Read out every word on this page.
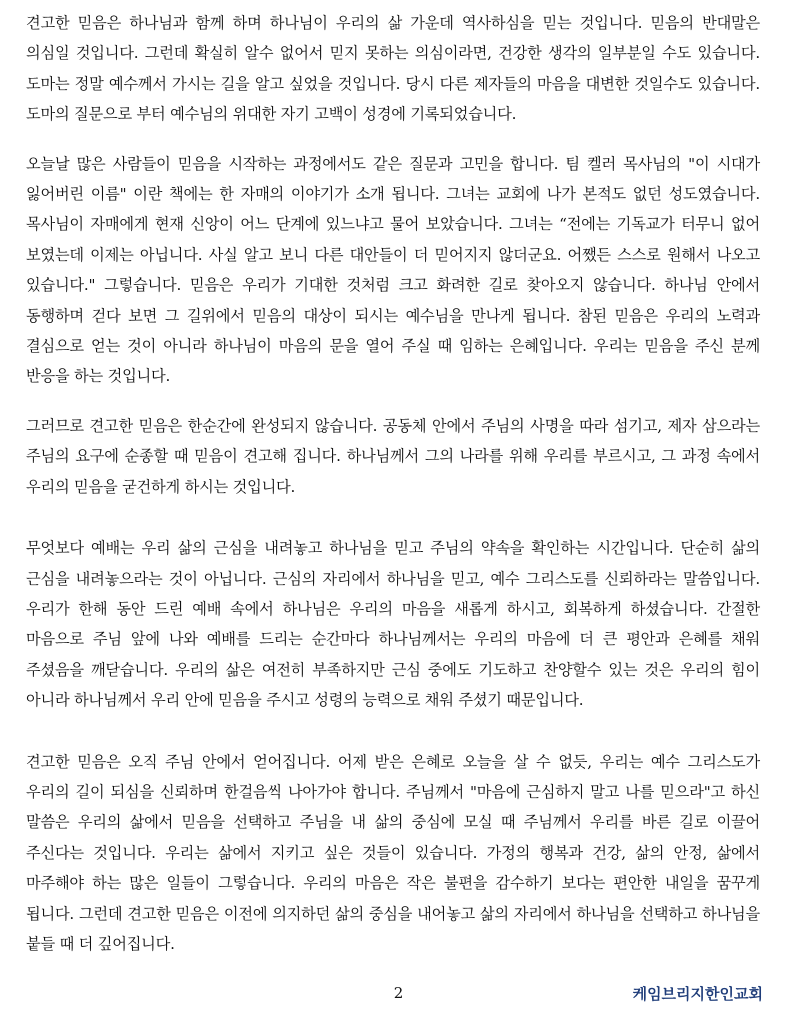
견고한 믿음은 하나님과 함께 하며 하나님이 우리의 삶 가운데 역사하심을 믿는 것입니다. 믿음의 반대말은 의심일 것입니다. 그런데 확실히 알수 없어서 믿지 못하는 의심이라면, 건강한 생각의 일부분일 수도 있습니다. 도마는 정말 예수께서 가시는 길을 알고 싶었을 것입니다. 당시 다른 제자들의 마음을 대변한 것일수도 있습니다. 도마의 질문으로 부터 예수님의 위대한 자기 고백이 성경에 기록되었습니다.

오늘날 많은 사람들이 믿음을 시작하는 과정에서도 같은 질문과 고민을 합니다. 팀 켈러 목사님의 "이 시대가 잃어버린 이름" 이란 책에는 한 자매의 이야기가 소개 됩니다. 그녀는 교회에 나가 본적도 없던 성도였습니다. 목사님이 자매에게 현재 신앙이 어느 단계에 있느냐고 물어 보았습니다. 그녀는 “전에는 기독교가 터무니 없어 보였는데 이제는 아닙니다. 사실 알고 보니 다른 대안들이 더 믿어지지 않더군요. 어쨌든 스스로 원해서 나오고 있습니다." 그렇습니다. 믿음은 우리가 기대한 것처럼 크고 화려한 길로 찾아오지 않습니다. 하나님 안에서 동행하며 걷다 보면 그 길위에서 믿음의 대상이 되시는 예수님을 만나게 됩니다. 참된 믿음은 우리의 노력과 결심으로 얻는 것이 아니라 하나님이 마음의 문을 열어 주실 때 임하는 은혜입니다. 우리는 믿음을 주신 분께 반응을 하는 것입니다.

그러므로 견고한 믿음은 한순간에 완성되지 않습니다. 공동체 안에서 주님의 사명을 따라 섬기고, 제자 삼으라는 주님의 요구에 순종할 때 믿음이 견고해 집니다. 하나님께서 그의 나라를 위해 우리를 부르시고, 그 과정 속에서 우리의 믿음을 굳건하게 하시는 것입니다.

무엇보다 예배는 우리 삶의 근심을 내려놓고 하나님을 믿고 주님의 약속을 확인하는 시간입니다. 단순히 삶의 근심을 내려놓으라는 것이 아닙니다. 근심의 자리에서 하나님을 믿고, 예수 그리스도를 신뢰하라는 말씀입니다. 우리가 한해 동안 드린 예배 속에서 하나님은 우리의 마음을 새롭게 하시고, 회복하게 하셨습니다. 간절한 마음으로 주님 앞에 나와 예배를 드리는 순간마다 하나님께서는 우리의 마음에 더 큰 평안과 은혜를 채워 주셨음을 깨닫습니다. 우리의 삶은 여전히 부족하지만 근심 중에도 기도하고 찬양할수 있는 것은 우리의 힘이 아니라 하나님께서 우리 안에 믿음을 주시고 성령의 능력으로 채워 주셨기 때문입니다.

견고한 믿음은 오직 주님 안에서 얻어집니다. 어제 받은 은혜로 오늘을 살 수 없듯, 우리는 예수 그리스도가 우리의 길이 되심을 신뢰하며 한걸음씩 나아가야 합니다. 주님께서 "마음에 근심하지 말고 나를 믿으라"고 하신 말씀은 우리의 삶에서 믿음을 선택하고 주님을 내 삶의 중심에 모실 때 주님께서 우리를 바른 길로 이끌어 주신다는 것입니다. 우리는 삶에서 지키고 싶은 것들이 있습니다. 가정의 행복과 건강, 삶의 안정, 삶에서 마주해야 하는 많은 일들이 그렇습니다. 우리의 마음은 작은 불편을 감수하기 보다는 편안한 내일을 꿈꾸게 됩니다. 그런데 견고한 믿음은 이전에 의지하던 삶의 중심을 내어놓고 삶의 자리에서 하나님을 선택하고 하나님을 붙들 때 더 깊어집니다.

2	케임브리지한인교회
